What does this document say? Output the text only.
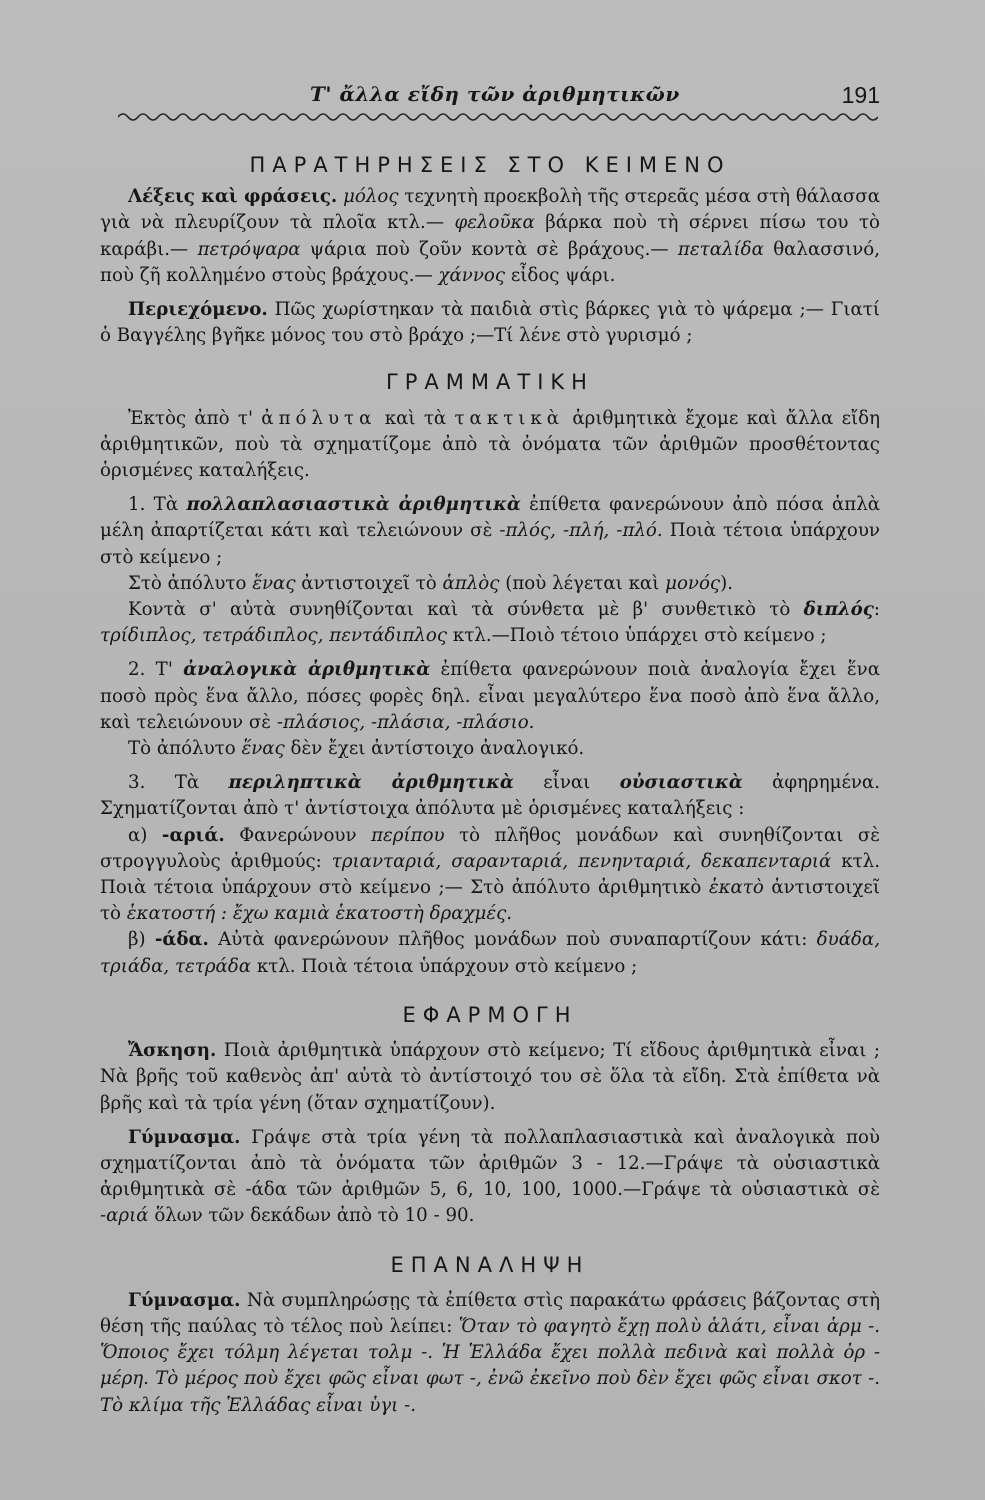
Τ' ἄλλα εἴδη τῶν ἀριθμητικῶν	191
ΠΑΡΑΤΗΡΗΣΕΙΣ ΣΤΟ ΚΕΙΜΕΝΟ

Λέξεις καὶ φράσεις. μόλος τεχνητὴ προεκβολὴ τῆς στερεᾶς μέσα στὴ θάλασσα γιὰ νὰ πλευρίζουν τὰ πλοῖα κτλ.— φελοῦκα βάρκα ποὺ τὴ σέρνει πίσω του τὸ καράβι.— πετρόψαρα ψάρια ποὺ ζοῦν κοντὰ σὲ βράχους.— πεταλίδα θαλασσινό, ποὺ ζῆ κολλημένο στοὺς βράχους.— χάννος εἶδος ψάρι.

Περιεχόμενο. Πῶς χωρίστηκαν τὰ παιδιὰ στὶς βάρκες γιὰ τὸ ψάρεμα ;— Γιατί ὁ Βαγγέλης βγῆκε μόνος του στὸ βράχο ;—Τί λένε στὸ γυρισμό ;

ΓΡΑΜΜΑΤΙΚΗ

Ἐκτὸς ἀπὸ τ' ἀπόλυτα καὶ τὰ τακτικὰ ἀριθμητικὰ ἔχομε καὶ ἄλλα εἴδη ἀριθμητικῶν, ποὺ τὰ σχηματίζομε ἀπὸ τὰ ὀνόματα τῶν ἀριθμῶν προσθέτοντας ὁρισμένες καταλήξεις.

1. Τὰ πολλαπλασιαστικὰ ἀριθμητικὰ ἐπίθετα φανερώνουν ἀπὸ πόσα ἁπλὰ μέλη ἀπαρτίζεται κάτι καὶ τελειώνουν σὲ -πλός, -πλή, -πλό. Ποιὰ τέτοια ὑπάρχουν στὸ κείμενο ;

Στὸ ἀπόλυτο ἕνας ἀντιστοιχεῖ τὸ ἁπλὸς (ποὺ λέγεται καὶ μονός).

Κοντὰ σ' αὐτὰ συνηθίζονται καὶ τὰ σύνθετα μὲ β' συνθετικὸ τὸ διπλός: τρίδιπλος, τετράδιπλος, πεντάδιπλος κτλ.—Ποιὸ τέτοιο ὑπάρχει στὸ κείμενο ;

2. Τ' ἀναλογικὰ ἀριθμητικὰ ἐπίθετα φανερώνουν ποιὰ ἀναλογία ἔχει ἕνα ποσὸ πρὸς ἕνα ἄλλο, πόσες φορὲς δηλ. εἶναι μεγαλύτερο ἕνα ποσὸ ἀπὸ ἕνα ἄλλο, καὶ τελειώνουν σὲ -πλάσιος, -πλάσια, -πλάσιο.

Τὸ ἀπόλυτο ἕνας δὲν ἔχει ἀντίστοιχο ἀναλογικό.

3. Τὰ περιληπτικὰ ἀριθμητικὰ εἶναι οὐσιαστικὰ ἀφηρημένα. Σχηματίζονται ἀπὸ τ' ἀντίστοιχα ἀπόλυτα μὲ ὁρισμένες καταλήξεις :

α) -αριά. Φανερώνουν περίπου τὸ πλῆθος μονάδων καὶ συνηθίζονται σὲ στρογγυλοὺς ἀριθμούς: τριανταριά, σαρανταριά, πενηνταριά, δεκαπενταριά κτλ. Ποιὰ τέτοια ὑπάρχουν στὸ κείμενο ;— Στὸ ἀπόλυτο ἀριθμητικὸ ἑκατὸ ἀντιστοιχεῖ τὸ ἑκατοστή : ἔχω καμιὰ ἑκατοστὴ δραχμές.

β) -άδα. Αὐτὰ φανερώνουν πλῆθος μονάδων ποὺ συναπαρτίζουν κάτι: δυάδα, τριάδα, τετράδα κτλ. Ποιὰ τέτοια ὑπάρχουν στὸ κείμενο ;

ΕΦΑΡΜΟΓΗ

Ἄσκηση. Ποιὰ ἀριθμητικὰ ὑπάρχουν στὸ κείμενο; Τί εἴδους ἀριθμητικὰ εἶναι ; Νὰ βρῆς τοῦ καθενὸς ἀπ' αὐτὰ τὸ ἀντίστοιχό του σὲ ὅλα τὰ εἴδη. Στὰ ἐπίθετα νὰ βρῆς καὶ τὰ τρία γένη (ὅταν σχηματίζουν).

Γύμνασμα. Γράψε στὰ τρία γένη τὰ πολλαπλασιαστικὰ καὶ ἀναλογικὰ ποὺ σχηματίζονται ἀπὸ τὰ ὀνόματα τῶν ἀριθμῶν 3 - 12.—Γράψε τὰ οὐσιαστικὰ ἀριθμητικὰ σὲ -άδα τῶν ἀριθμῶν 5, 6, 10, 100, 1000.—Γράψε τὰ οὐσιαστικὰ σὲ -αριά ὅλων τῶν δεκάδων ἀπὸ τὸ 10 - 90.

ΕΠΑΝΑΛΗΨΗ

Γύμνασμα. Νὰ συμπληρώσῃς τὰ ἐπίθετα στὶς παρακάτω φράσεις βάζοντας στὴ θέση τῆς παύλας τὸ τέλος ποὺ λείπει: Ὅταν τὸ φαγητὸ ἔχῃ πολὺ ἁλάτι, εἶναι ἁρμ -. Ὅποιος ἔχει τόλμη λέγεται τολμ -. Ἡ Ἑλλάδα ἔχει πολλὰ πεδινὰ καὶ πολλὰ ὀρ - μέρη. Τὸ μέρος ποὺ ἔχει φῶς εἶναι φωτ -, ἐνῶ ἐκεῖνο ποὺ δὲν ἔχει φῶς εἶναι σκοτ -. Τὸ κλίμα τῆς Ἑλλάδας εἶναι ὑγι -.
